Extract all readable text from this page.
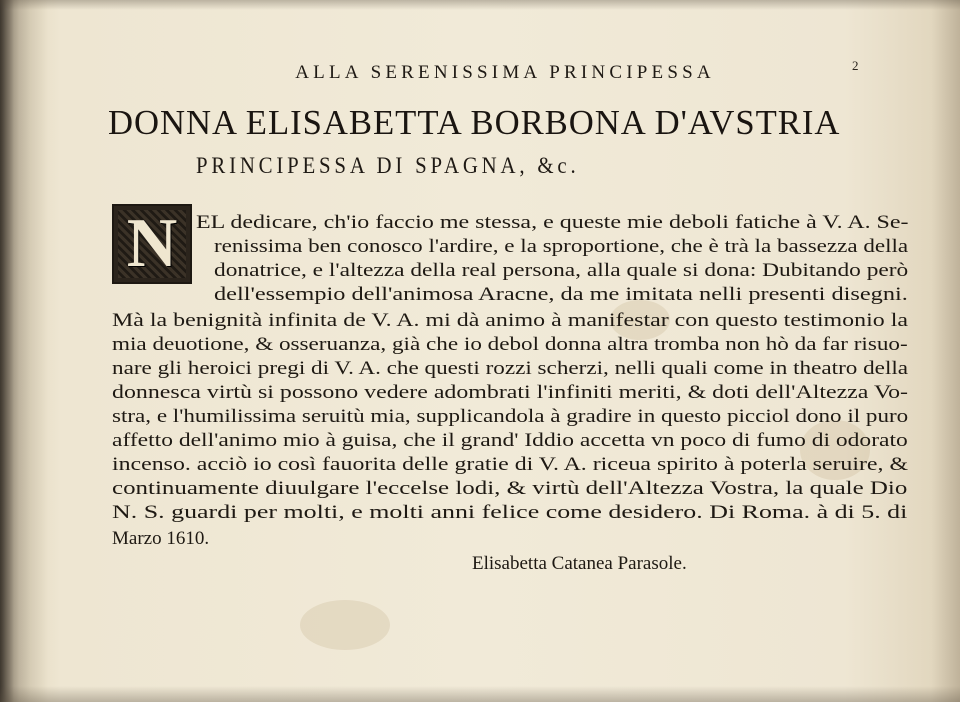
2
ALLA SERENISSIMA PRINCIPESSA
DONNA ELISABETTA BORBONA D'AVSTRIA
PRINCIPESSA DI SPAGNA, &c.
N EL dedicare, ch'io faccio me stessa, e queste mie deboli fatiche à V. A. Se-
renissima ben conosco l'ardire, e la sproportione, che è trà la bassezza della
donatrice, e l'altezza della real persona, alla quale si dona: Dubitando però
dell'essempio dell'animosa Aracne, da me imitata nelli presenti disegni.
Mà la benignità infinita de V. A. mi dà animo à manifestar con questo testimonio la
mia deuotione, & osseruanza, già che io debol donna altra tromba non hò da far risuo-
nare gli heroici pregi di V. A. che questi rozzi scherzi, nelli quali come in theatro della
donnesca virtù si possono vedere adombrati l'infiniti meriti, & doti dell'Altezza Vo-
stra, e l'humilissima seruitù mia, supplicandola à gradire in questo picciol dono il puro
affetto dell'animo mio à guisa, che il grand' Iddio accetta vn poco di fumo di odorato
incenso. acciò io così fauorita delle gratie di V. A. riceua spirito à poterla seruire, &
continuamente diuulgare l'eccelse lodi, & virtù dell'Altezza Vostra, la quale Dio
N. S. guardi per molti, e molti anni felice come desidero. Di Roma. à di 5. di
Marzo 1610.
Elisabetta Catanea Parasole.
